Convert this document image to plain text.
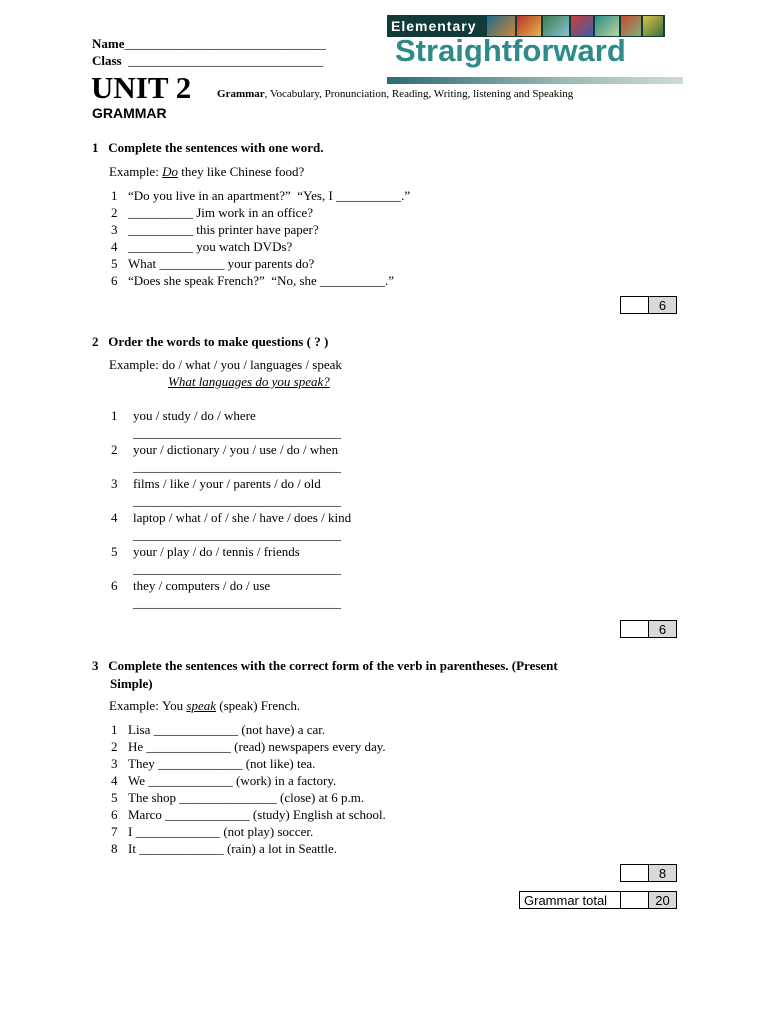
Name_______________________________
Class ______________________________
UNIT 2 Grammar, Vocabulary, Pronunciation, Reading, Writing, listening and Speaking
GRAMMAR
Elementary
Straightforward
1 Complete the sentences with one word.
Example: Do they like Chinese food?
1 “Do you live in an apartment?”  “Yes, I __________.”
2 __________ Jim work in an office?
3 __________ this printer have paper?
4 __________ you watch DVDs?
5 What __________ your parents do?
6 “Does she speak French?”  “No, she __________.”
6
2 Order the words to make questions ( ? )
Example: do / what / you / languages / speak
What languages do you speak?
1 you / study / do / where
________________________________
2 your / dictionary / you / use / do / when
________________________________
3 films / like / your / parents / do / old
________________________________
4 laptop / what / of / she / have / does / kind
________________________________
5 your / play / do / tennis / friends
________________________________
6 they / computers / do / use
________________________________
6
3 Complete the sentences with the correct form of the verb in parentheses. (Present
Simple)
Example: You speak (speak) French.
1 Lisa _____________ (not have) a car.
2 He _____________ (read) newspapers every day.
3 They _____________ (not like) tea.
4 We _____________ (work) in a factory.
5 The shop _______________ (close) at 6 p.m.
6 Marco _____________ (study) English at school.
7 I _____________ (not play) soccer.
8 It _____________ (rain) a lot in Seattle.
8
Grammar total	20
